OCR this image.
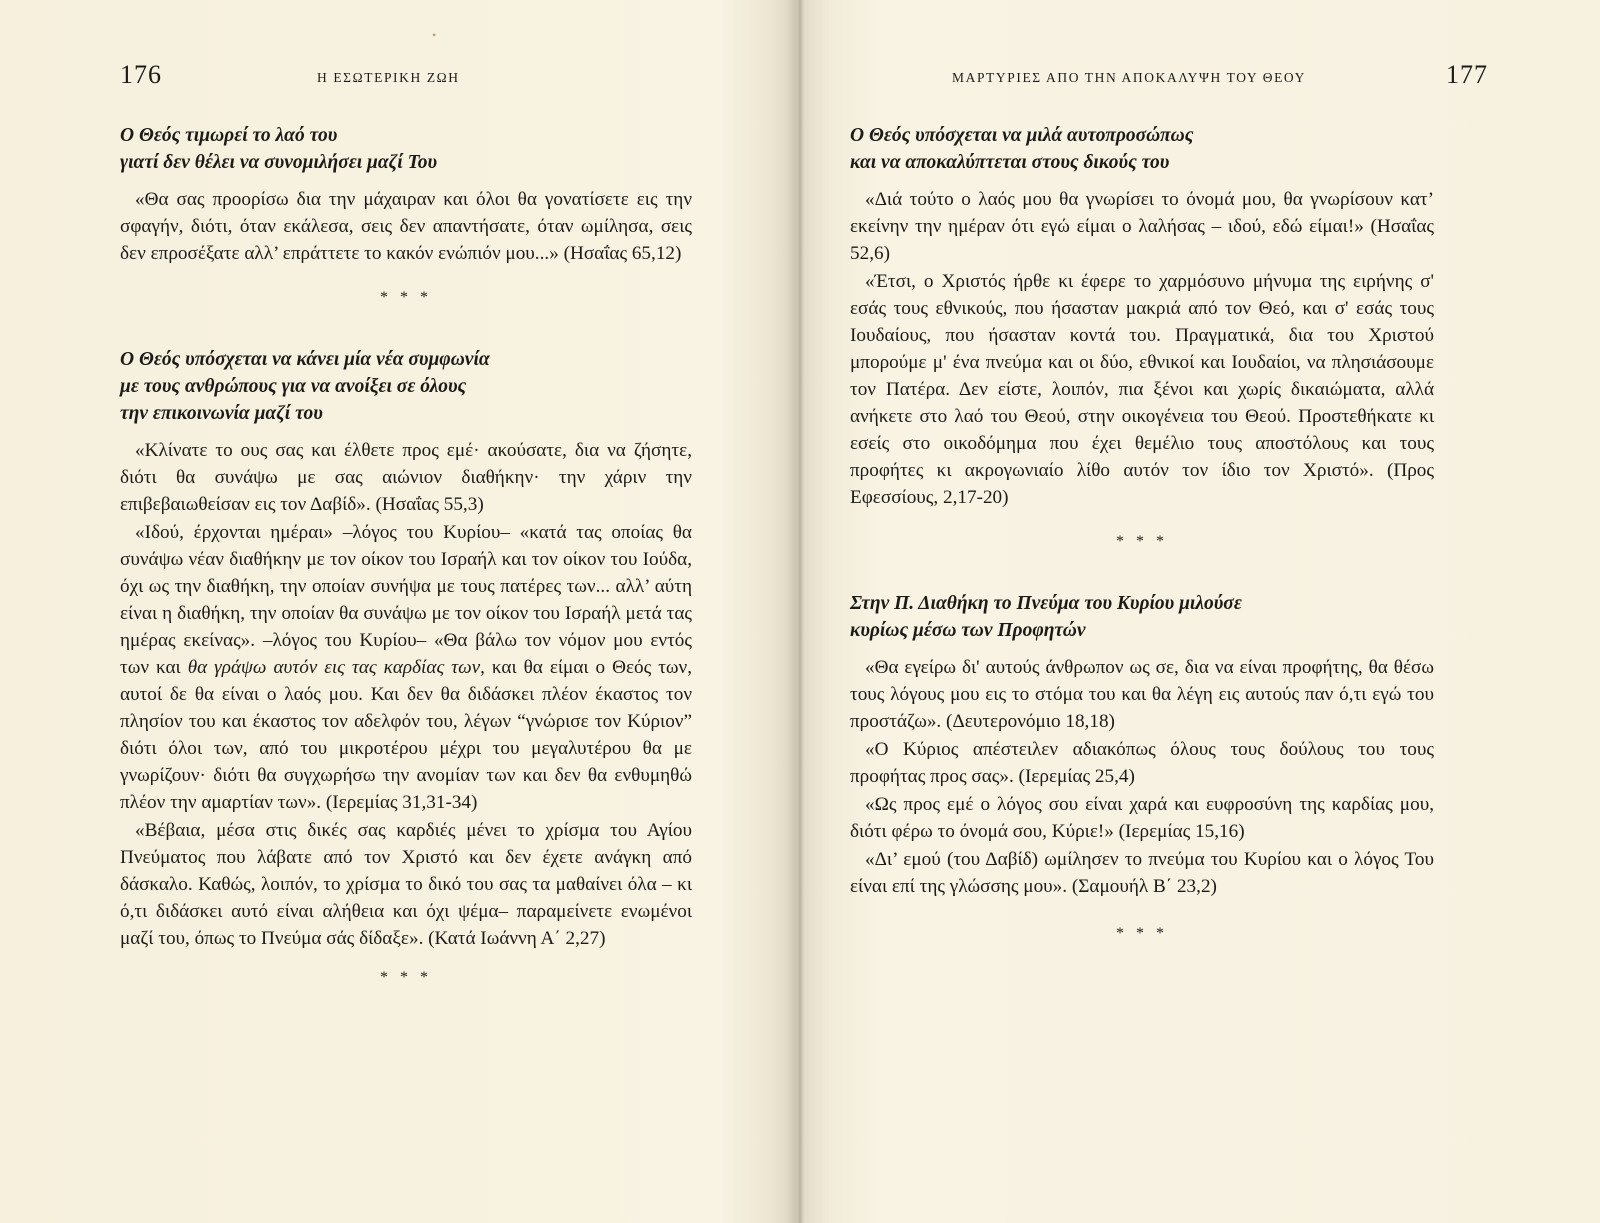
•
176	Η ΕΣΩΤΕΡΙΚΗ ΖΩΗ
Ο Θεός τιμωρεί το λαό του
γιατί δεν θέλει να συνομιλήσει μαζί Του

«Θα σας προορίσω δια την μάχαιραν και όλοι θα γονατίσετε εις την σφαγήν, διότι, όταν εκάλεσα, σεις δεν απαντήσατε, όταν ωμίλησα, σεις δεν επροσέξατε αλλ’ επράττετε το κακόν ενώπιόν μου...» (Ησαΐας 65,12)

* * *
Ο Θεός υπόσχεται να κάνει μία νέα συμφωνία
με τους ανθρώπους για να ανοίξει σε όλους
την επικοινωνία μαζί του

«Κλίνατε το ους σας και έλθετε προς εμέ· ακούσατε, δια να ζήσητε, διότι θα συνάψω με σας αιώνιον διαθήκην· την χάριν την επιβεβαιωθείσαν εις τον Δαβίδ». (Ησαΐας 55,3)

«Ιδού, έρχονται ημέραι» –λόγος του Κυρίου– «κατά τας οποίας θα συνάψω νέαν διαθήκην με τον οίκον του Ισραήλ και τον οίκον του Ιούδα, όχι ως την διαθήκη, την οποίαν συνήψα με τους πατέρες των... αλλ’ αύτη είναι η διαθήκη, την οποίαν θα συνάψω με τον οίκον του Ισραήλ μετά τας ημέρας εκείνας». –λόγος του Κυρίου– «Θα βάλω τον νόμον μου εντός των και θα γράψω αυτόν εις τας καρδίας των, και θα είμαι ο Θεός των, αυτοί δε θα είναι ο λαός μου. Και δεν θα διδάσκει πλέον έκαστος τον πλησίον του και έκαστος τον αδελφόν του, λέγων “γνώρισε τον Κύριον” διότι όλοι των, από του μικροτέρου μέχρι του μεγαλυτέρου θα με γνωρίζουν· διότι θα συγχωρήσω την ανομίαν των και δεν θα ενθυμηθώ πλέον την αμαρτίαν των». (Ιερεμίας 31,31-34)

«Βέβαια, μέσα στις δικές σας καρδιές μένει το χρίσμα του Αγίου Πνεύματος που λάβατε από τον Χριστό και δεν έχετε ανάγκη από δάσκαλο. Καθώς, λοιπόν, το χρίσμα το δικό του σας τα μαθαίνει όλα – κι ό,τι διδάσκει αυτό είναι αλήθεια και όχι ψέμα– παραμείνετε ενωμένοι μαζί του, όπως το Πνεύμα σάς δίδαξε». (Κατά Ιωάννη Α΄ 2,27)

* * *
ΜΑΡΤΥΡΙΕΣ ΑΠΟ ΤΗΝ ΑΠΟΚΑΛΥΨΗ ΤΟΥ ΘΕΟΥ	177
Ο Θεός υπόσχεται να μιλά αυτοπροσώπως
και να αποκαλύπτεται στους δικούς του

«Διά τούτο ο λαός μου θα γνωρίσει το όνομά μου, θα γνωρίσουν κατ’ εκείνην την ημέραν ότι εγώ είμαι ο λαλήσας – ιδού, εδώ είμαι!» (Ησαΐας 52,6)

«Έτσι, ο Χριστός ήρθε κι έφερε το χαρμόσυνο μήνυμα της ειρήνης σ' εσάς τους εθνικούς, που ήσασταν μακριά από τον Θεό, και σ' εσάς τους Ιουδαίους, που ήσασταν κοντά του. Πραγματικά, δια του Χριστού μπορούμε μ' ένα πνεύμα και οι δύο, εθνικοί και Ιουδαίοι, να πλησιάσουμε τον Πατέρα. Δεν είστε, λοιπόν, πια ξένοι και χωρίς δικαιώματα, αλλά ανήκετε στο λαό του Θεού, στην οικογένεια του Θεού. Προστεθήκατε κι εσείς στο οικοδόμημα που έχει θεμέλιο τους αποστόλους και τους προφήτες κι ακρογωνιαίο λίθο αυτόν τον ίδιο τον Χριστό». (Προς Εφεσσίους, 2,17-20)

* * *
Στην Π. Διαθήκη το Πνεύμα του Κυρίου μιλούσε
κυρίως μέσω των Προφητών

«Θα εγείρω δι' αυτούς άνθρωπον ως σε, δια να είναι προφήτης, θα θέσω τους λόγους μου εις το στόμα του και θα λέγη εις αυτούς παν ό,τι εγώ του προστάζω». (Δευτερονόμιο 18,18)

«Ο Κύριος απέστειλεν αδιακόπως όλους τους δούλους του τους προφήτας προς σας». (Ιερεμίας 25,4)

«Ως προς εμέ ο λόγος σου είναι χαρά και ευφροσύνη της καρδίας μου, διότι φέρω το όνομά σου, Κύριε!» (Ιερεμίας 15,16)

«Δι’ εμού (του Δαβίδ) ωμίλησεν το πνεύμα του Κυρίου και ο λόγος Του είναι επί της γλώσσης μου». (Σαμουήλ Β΄ 23,2)

* * *
